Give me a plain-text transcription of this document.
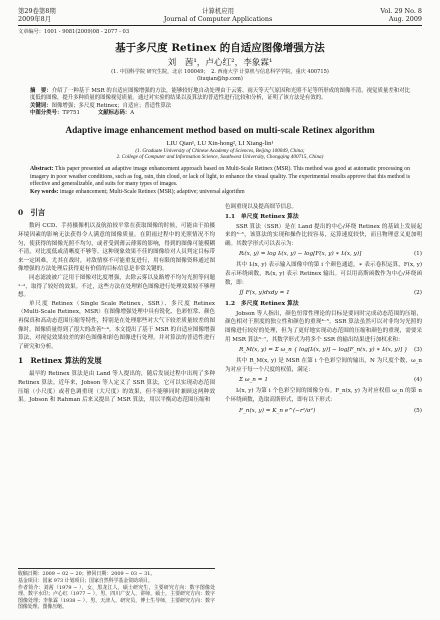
第29卷第8期
2009年8月
计算机应用
Journal of Computer Applications
Vol. 29 No. 8
Aug. 2009
文章编号：1001 - 9081(2009)08 - 2077 - 03
基于多尺度 Retinex 的自适应图像增强方法
刘　茜¹，卢心红²，李象霖¹
(1. 中国科学院 研究生院，北京 100049；　2. 西南大学 计算机与信息科学学院，重庆 400715)
(liuqian@hp.com)
摘　要：介绍了一种基于 MSR 的自适应图像增强的方法，能够较好地自动处理由于云雾、雨天等天气原因和光照不足等所形成的图像不清，视觉质量差和对比度低的图像，提升多种质量的图像视觉质量。通过对实验的结果以及算法的普适性进行比较和分析，证明了该方法是有效的。
关键词：图像增强；多尺度 Retinex；自适应；普适性算法
中图分类号：TP751	文献标志码：A
Adaptive image enhancement method based on multi-scale Retinex algorithm
LIU Qian¹, LU Xin-hong², LI Xiang-lin¹
(1. Graduate University of Chinese Academy of Sciences, Beijing 100049, China;
2. College of Computer and Information Science, Southwest University, Chongqing 400715, China)
Abstract: This paper presented an adaptive image enhancement approach based on Multi-Scale Retinex (MSR). This method was good at automatic processing on imagery in poor weather conditions, such as fog, rain, thin cloud, or lack of light, to enhance the visual quality. The experimental results approve that this method is effective and generalizable, and suits for many types of images.
Key words: image enhancement; Multi-Scale Retinex (MSR); adaptive; universal algorithm
0　引言

数码 CCD、手持摄像机以及航拍较平常在获取图像的时候，可能由于拍摄环境因素的影响无法获得令人满意的图像质量。在阴雨过程中的光照情况不均匀，使获得的图像光照不均匀，或者受到薄云薄雾的影响，得到的图像可能模糊不清，对比度低或清晰度不够等。这种现象效果不佳的图像给对人员判定目标带来一定困难，尤其在战时，对敌情察不可能重复进行，用有限的图像资料通过图像增强的方法处理后获得更有价值的目标信息是非常关键的。

同态滤波被广泛用于图像对比度增强，去除云雾以及路增不均匀光照等问题¹⁻²，取得了较好的效果。不过，这些方法在处理彩色图像进行处理效果较不够理想。

单尺度 Retinex（Single Scale Retinex，SSR）、多尺度 Retinex（Multi-Scale Retinex，MSR）在图像增强处理中具有锐化、色彩恒常、颜色再保真和高动态范围压缩等特性，特别是在处理那些对大气下较差质量较差的图像时，图像质量得到了很大的改善³⁻⁴。本文提出了基于 MSR 的自适应图像增强算法，对视觉效果较差的彩色图像和彩色图像进行处理，并对算法的普适性进行了研究和分析。

1　Retinex 算法的发展

最早的 Retinex 算法是由 Land 等人提出的，随后发展过程中出现了多种 Retinex 算法。近年来，Jobson 等人定义了 SSR 算法，它可以实现动态范围压缩（小尺度）或者色调重现（大尺度）的效果，但不能够同时兼顾这两种效果。Jobson 和 Rahman 后来又提出了 MSR 算法，用以平衡动态范围压缩和

色调重现以及提高细节信息。

1.1　单尺度 Retinex 算法

SSR 算法（SSR）是在 Land 提出的中心/环绕 Retinex 的基础上发展起来的³⁻⁵，该算法的实现和操作比较容易，运算速度较快，而且物理意义更加明确。其数学形式可以表示为：

Rᵢ(x, y) = log Iᵢ(x, y) − log[F(x, y) ∗ Iᵢ(x, y)]	(1)

其中 Iᵢ(x, y) 表示输入图像中的第 i 个颜色通道，∗ 表示卷积运算，F(x, y) 表示环绕函数，Rᵢ(x, y) 表示 Retinex 输出。可以用高斯函数作为中心/环绕函数，即：

∬ F(x, y)dxdy = 1	(2)
1.2　多尺度 Retinex 算法

Jobson 等人指出，颜色恒常性理论的目标是要同时完成动态范围的压缩，颜色相对于照度的独立性和颜色的重现⁴⁻⁵。SSR 算法虽然可以对非均匀光照的图像进行较好的处理，但为了更好地实现动态范围的压缩和颜色的重现，需要采用 MSR 算法⁵⁻⁷，其数学形式为将多个 SSR 的输出结果进行加权求和：

R_M(x, y) = Σ ω_n { log[Iᵢ(x, y)] − log[F_n(x, y) ∗ Iᵢ(x, y)] } (3)

其中 R_M(x, y) 是 MSR 在第 i 个色彩空间的输出，N 为尺度个数，ω_n 为对应于每一个尺度的权值，满足：

Σ ω_n = 1	(4)

Iᵢ(x, y) 为第 i 个色彩空间的图像分布。F_n(x, y) 为对应权值 ω_n 的第 n 个环绕函数，选取高斯形式，即有以下形式：

F_n(x, y) = K_n e^(−r²/σ²)	(5)
收稿日期：2009 − 02 − 20；修回日期：2009 − 03 − 31。
基金项目：国家 973 计划项目；国家自然科学基金资助项目。
作者简介：刘茜（1979 − ），女，黑龙江人，硕士研究生，主要研究方向：数字图像处理、数字水印；卢心红（1977 − ），男，四川广安人，讲师，硕士，主要研究方向：数字图像处理；李象霖（1938 − ），男，天津人，研究员，博士生导师，主要研究方向：数字图像处理、图像压缩。
